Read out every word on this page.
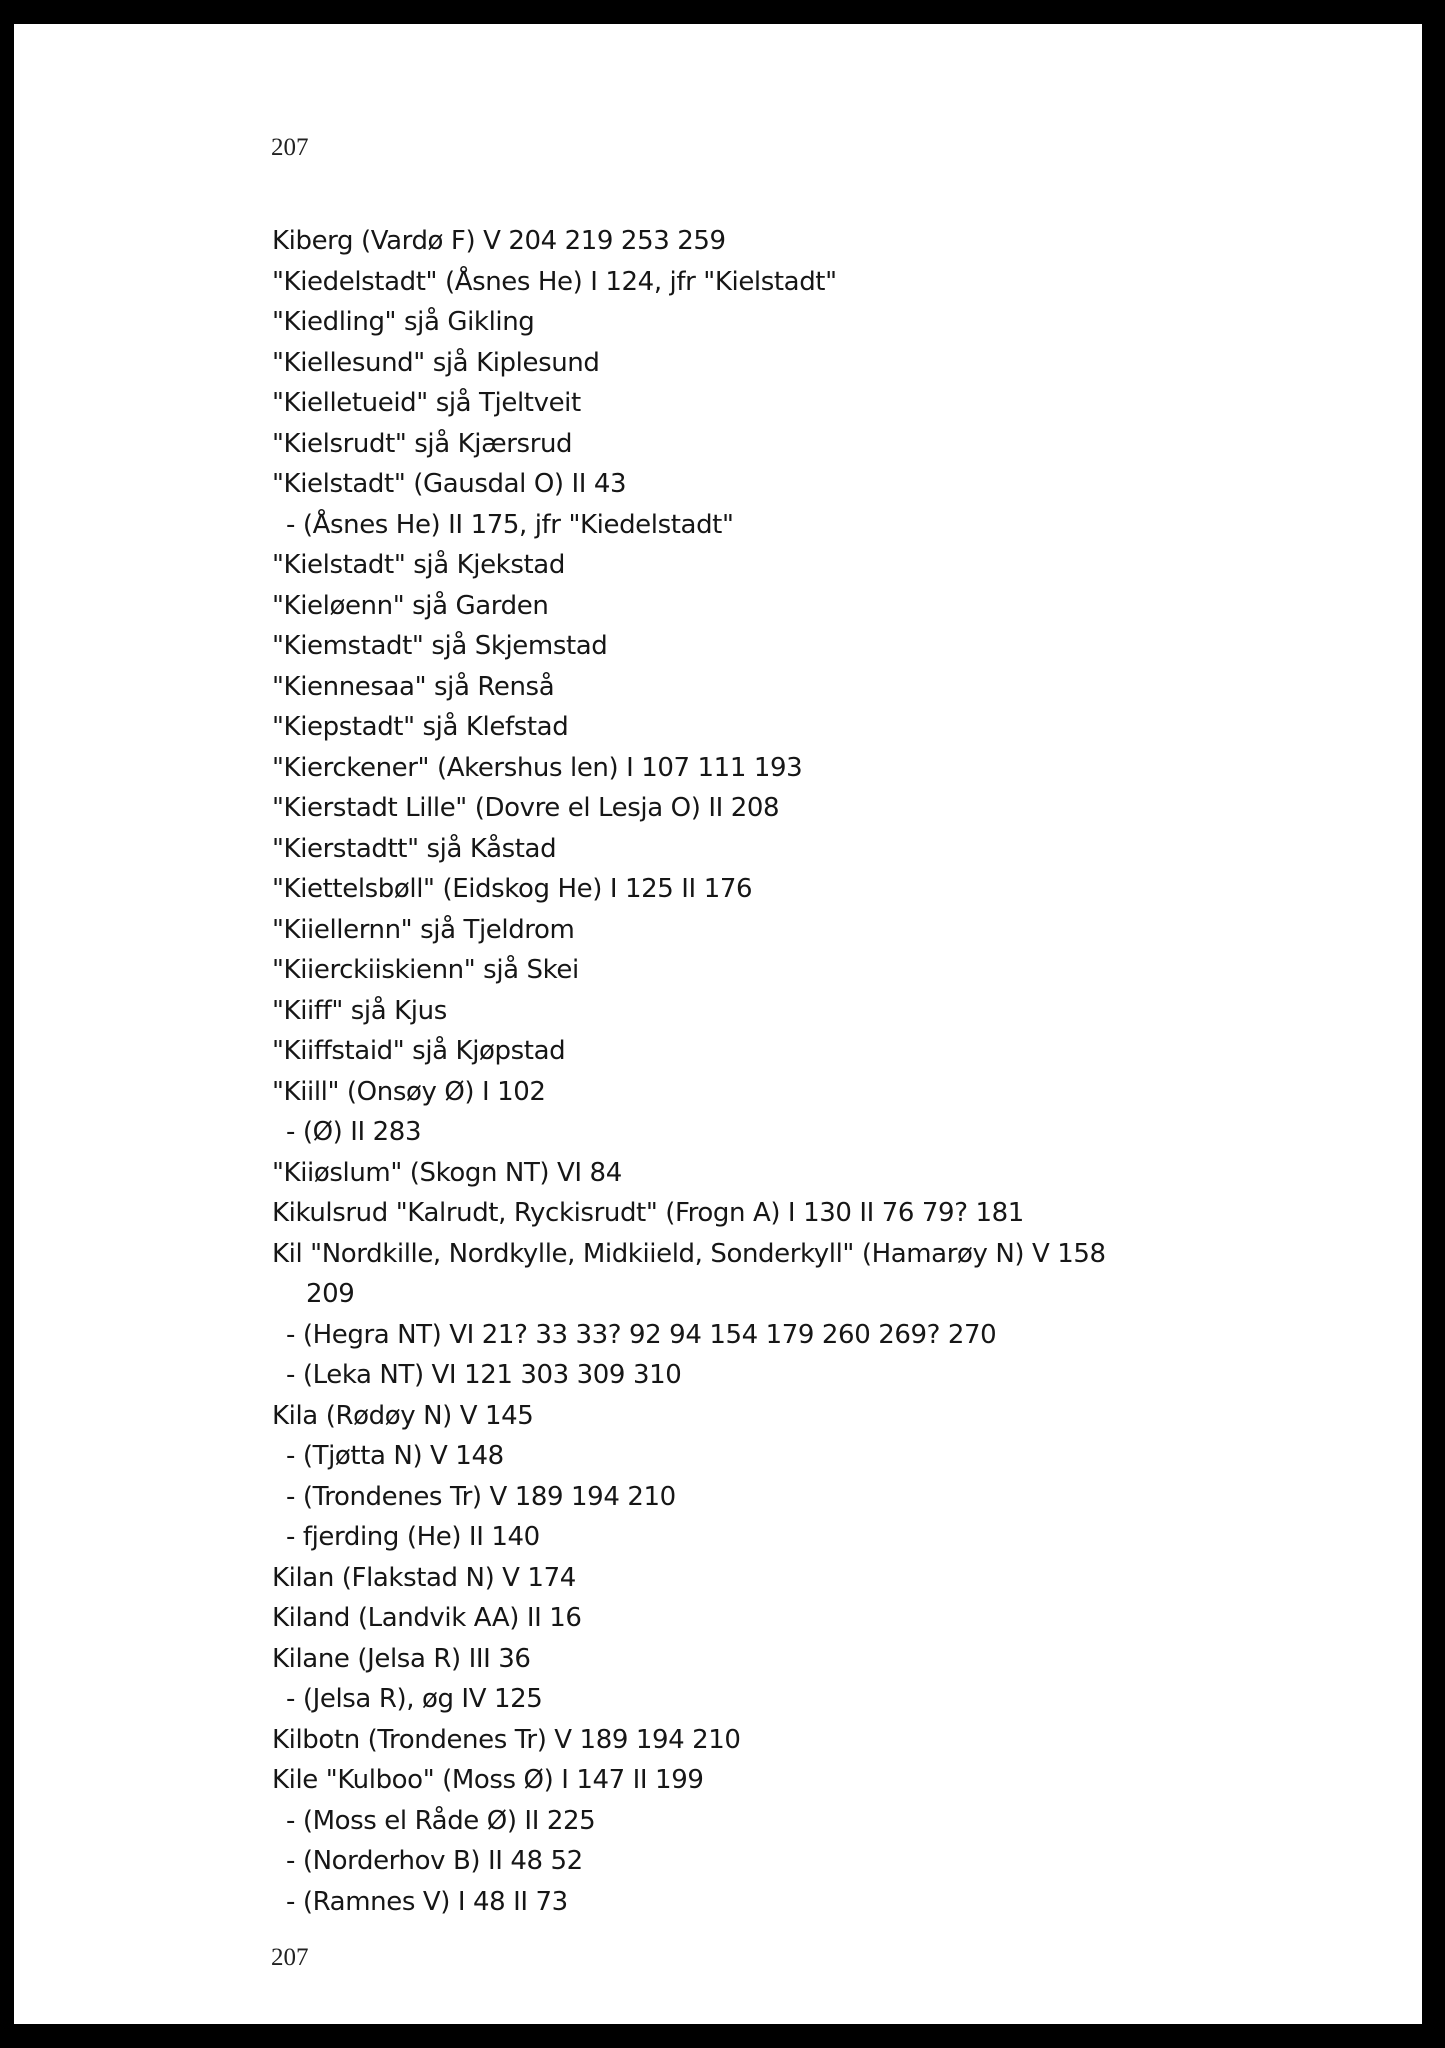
207
Kiberg (Vardø F) V 204 219 253 259
"Kiedelstadt" (Åsnes He) I 124, jfr "Kielstadt"
"Kiedling" sjå Gikling
"Kiellesund" sjå Kiplesund
"Kielletueid" sjå Tjeltveit
"Kielsrudt" sjå Kjærsrud
"Kielstadt" (Gausdal O) II 43
- (Åsnes He) II 175, jfr "Kiedelstadt"
"Kielstadt" sjå Kjekstad
"Kieløenn" sjå Garden
"Kiemstadt" sjå Skjemstad
"Kiennesaa" sjå Renså
"Kiepstadt" sjå Klefstad
"Kierckener" (Akershus len) I 107 111 193
"Kierstadt Lille" (Dovre el Lesja O) II 208
"Kierstadtt" sjå Kåstad
"Kiettelsbøll" (Eidskog He) I 125 II 176
"Kiiellernn" sjå Tjeldrom
"Kiierckiiskienn" sjå Skei
"Kiiff" sjå Kjus
"Kiiffstaid" sjå Kjøpstad
"Kiill" (Onsøy Ø) I 102
- (Ø) II 283
"Kiiøslum" (Skogn NT) VI 84
Kikulsrud "Kalrudt, Ryckisrudt" (Frogn A) I 130 II 76 79? 181
Kil "Nordkille, Nordkylle, Midkiield, Sonderkyll" (Hamarøy N) V 158
209
- (Hegra NT) VI 21? 33 33? 92 94 154 179 260 269? 270
- (Leka NT) VI 121 303 309 310
Kila (Rødøy N) V 145
- (Tjøtta N) V 148
- (Trondenes Tr) V 189 194 210
- fjerding (He) II 140
Kilan (Flakstad N) V 174
Kiland (Landvik AA) II 16
Kilane (Jelsa R) III 36
- (Jelsa R), øg IV 125
Kilbotn (Trondenes Tr) V 189 194 210
Kile "Kulboo" (Moss Ø) I 147 II 199
- (Moss el Råde Ø) II 225
- (Norderhov B) II 48 52
- (Ramnes V) I 48 II 73
207
